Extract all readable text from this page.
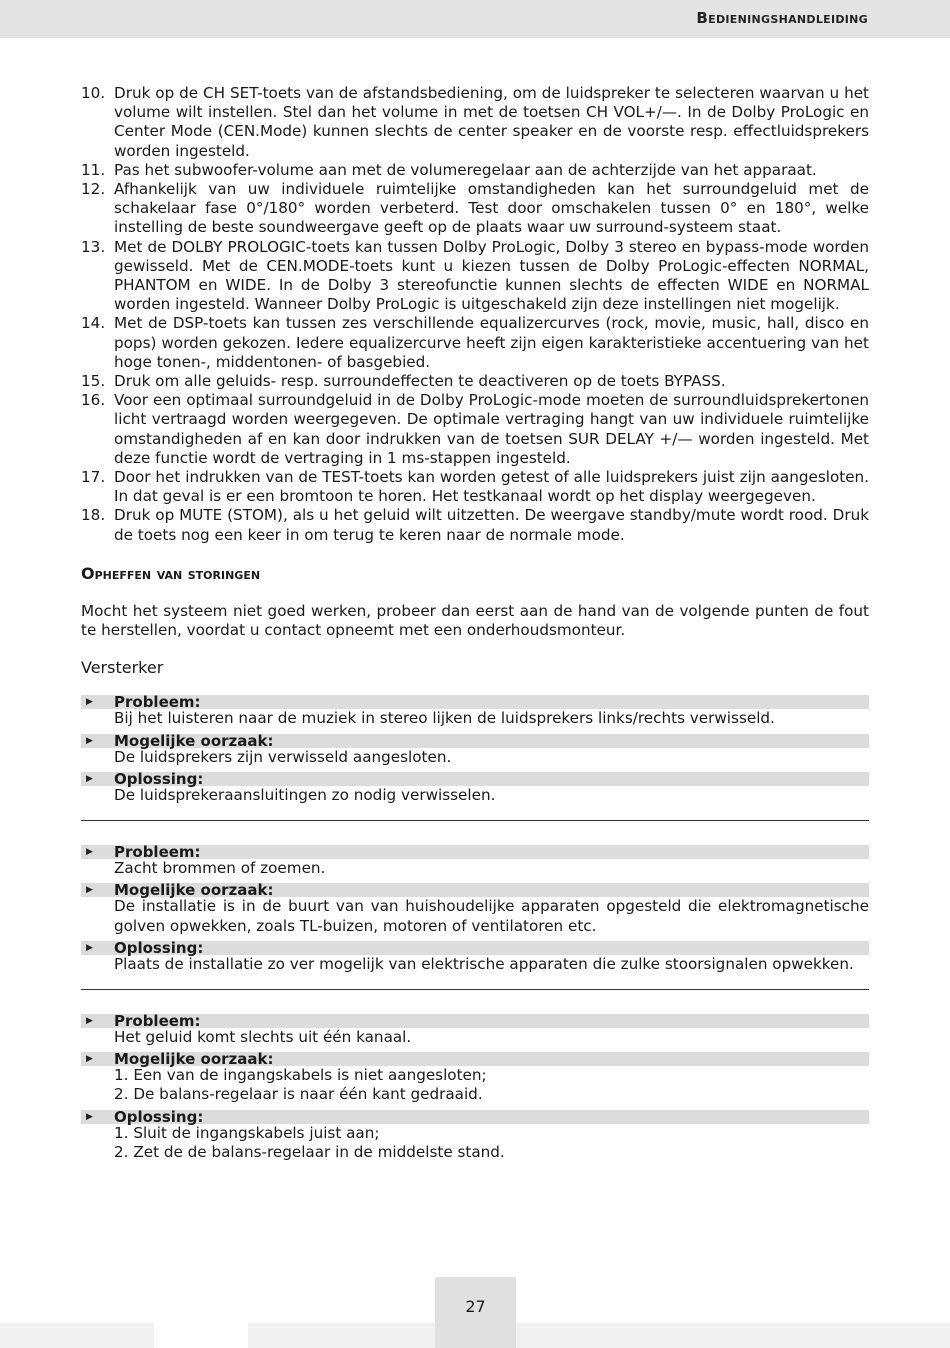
Bedieningshandleiding
10. Druk op de CH SET-toets van de afstandsbediening, om de luidspreker te selecteren waarvan u het volume wilt instellen. Stel dan het volume in met de toetsen CH VOL+/—. In de Dolby ProLogic en Center Mode (CEN.Mode) kunnen slechts de center speaker en de voorste resp. effectluidsprekers worden ingesteld.
11. Pas het subwoofer-volume aan met de volumeregelaar aan de achterzijde van het apparaat.
12. Afhankelijk van uw individuele ruimtelijke omstandigheden kan het surroundgeluid met de schakelaar fase 0°/180° worden verbeterd. Test door omschakelen tussen 0° en 180°, welke instelling de beste soundweergave geeft op de plaats waar uw surround-systeem staat.
13. Met de DOLBY PROLOGIC-toets kan tussen Dolby ProLogic, Dolby 3 stereo en bypass-mode worden gewisseld. Met de CEN.MODE-toets kunt u kiezen tussen de Dolby ProLogic-effecten NORMAL, PHANTOM en WIDE. In de Dolby 3 stereofunctie kunnen slechts de effecten WIDE en NORMAL worden ingesteld. Wanneer Dolby ProLogic is uitgeschakeld zijn deze instellingen niet mogelijk.
14. Met de DSP-toets kan tussen zes verschillende equalizercurves (rock, movie, music, hall, disco en pops) worden gekozen. Iedere equalizercurve heeft zijn eigen karakteristieke accentuering van het hoge tonen-, middentonen- of basgebied.
15. Druk om alle geluids- resp. surroundeffecten te deactiveren op de toets BYPASS.
16. Voor een optimaal surroundgeluid in de Dolby ProLogic-mode moeten de surroundluidsprekertonen licht vertraagd worden weergegeven. De optimale vertraging hangt van uw individuele ruimtelijke omstandigheden af en kan door indrukken van de toetsen SUR DELAY +/— worden ingesteld. Met deze functie wordt de vertraging in 1 ms-stappen ingesteld.
17. Door het indrukken van de TEST-toets kan worden getest of alle luidsprekers juist zijn aangesloten. In dat geval is er een bromtoon te horen. Het testkanaal wordt op het display weergegeven.
18. Druk op MUTE (STOM), als u het geluid wilt uitzetten. De weergave standby/mute wordt rood. Druk de toets nog een keer in om terug te keren naar de normale mode.
Opheffen van storingen
Mocht het systeem niet goed werken, probeer dan eerst aan de hand van de volgende punten de fout te herstellen, voordat u contact opneemt met een onderhoudsmonteur.
Versterker
▶	Probleem:
Bij het luisteren naar de muziek in stereo lijken de luidsprekers links/rechts verwisseld.
▶	Mogelijke oorzaak:
De luidsprekers zijn verwisseld aangesloten.
▶	Oplossing:
De luidsprekeraansluitingen zo nodig verwisselen.
▶	Probleem:
Zacht brommen of zoemen.
▶	Mogelijke oorzaak:
De installatie is in de buurt van van huishoudelijke apparaten opgesteld die elektromagnetische golven opwekken, zoals TL-buizen, motoren of ventilatoren etc.
▶	Oplossing:
Plaats de installatie zo ver mogelijk van elektrische apparaten die zulke stoorsignalen opwekken.
▶	Probleem:
Het geluid komt slechts uit één kanaal.
▶	Mogelijke oorzaak:
1. Een van de ingangskabels is niet aangesloten;
2. De balans-regelaar is naar één kant gedraaid.
▶	Oplossing:
1. Sluit de ingangskabels juist aan;
2. Zet de de balans-regelaar in de middelste stand.
27
